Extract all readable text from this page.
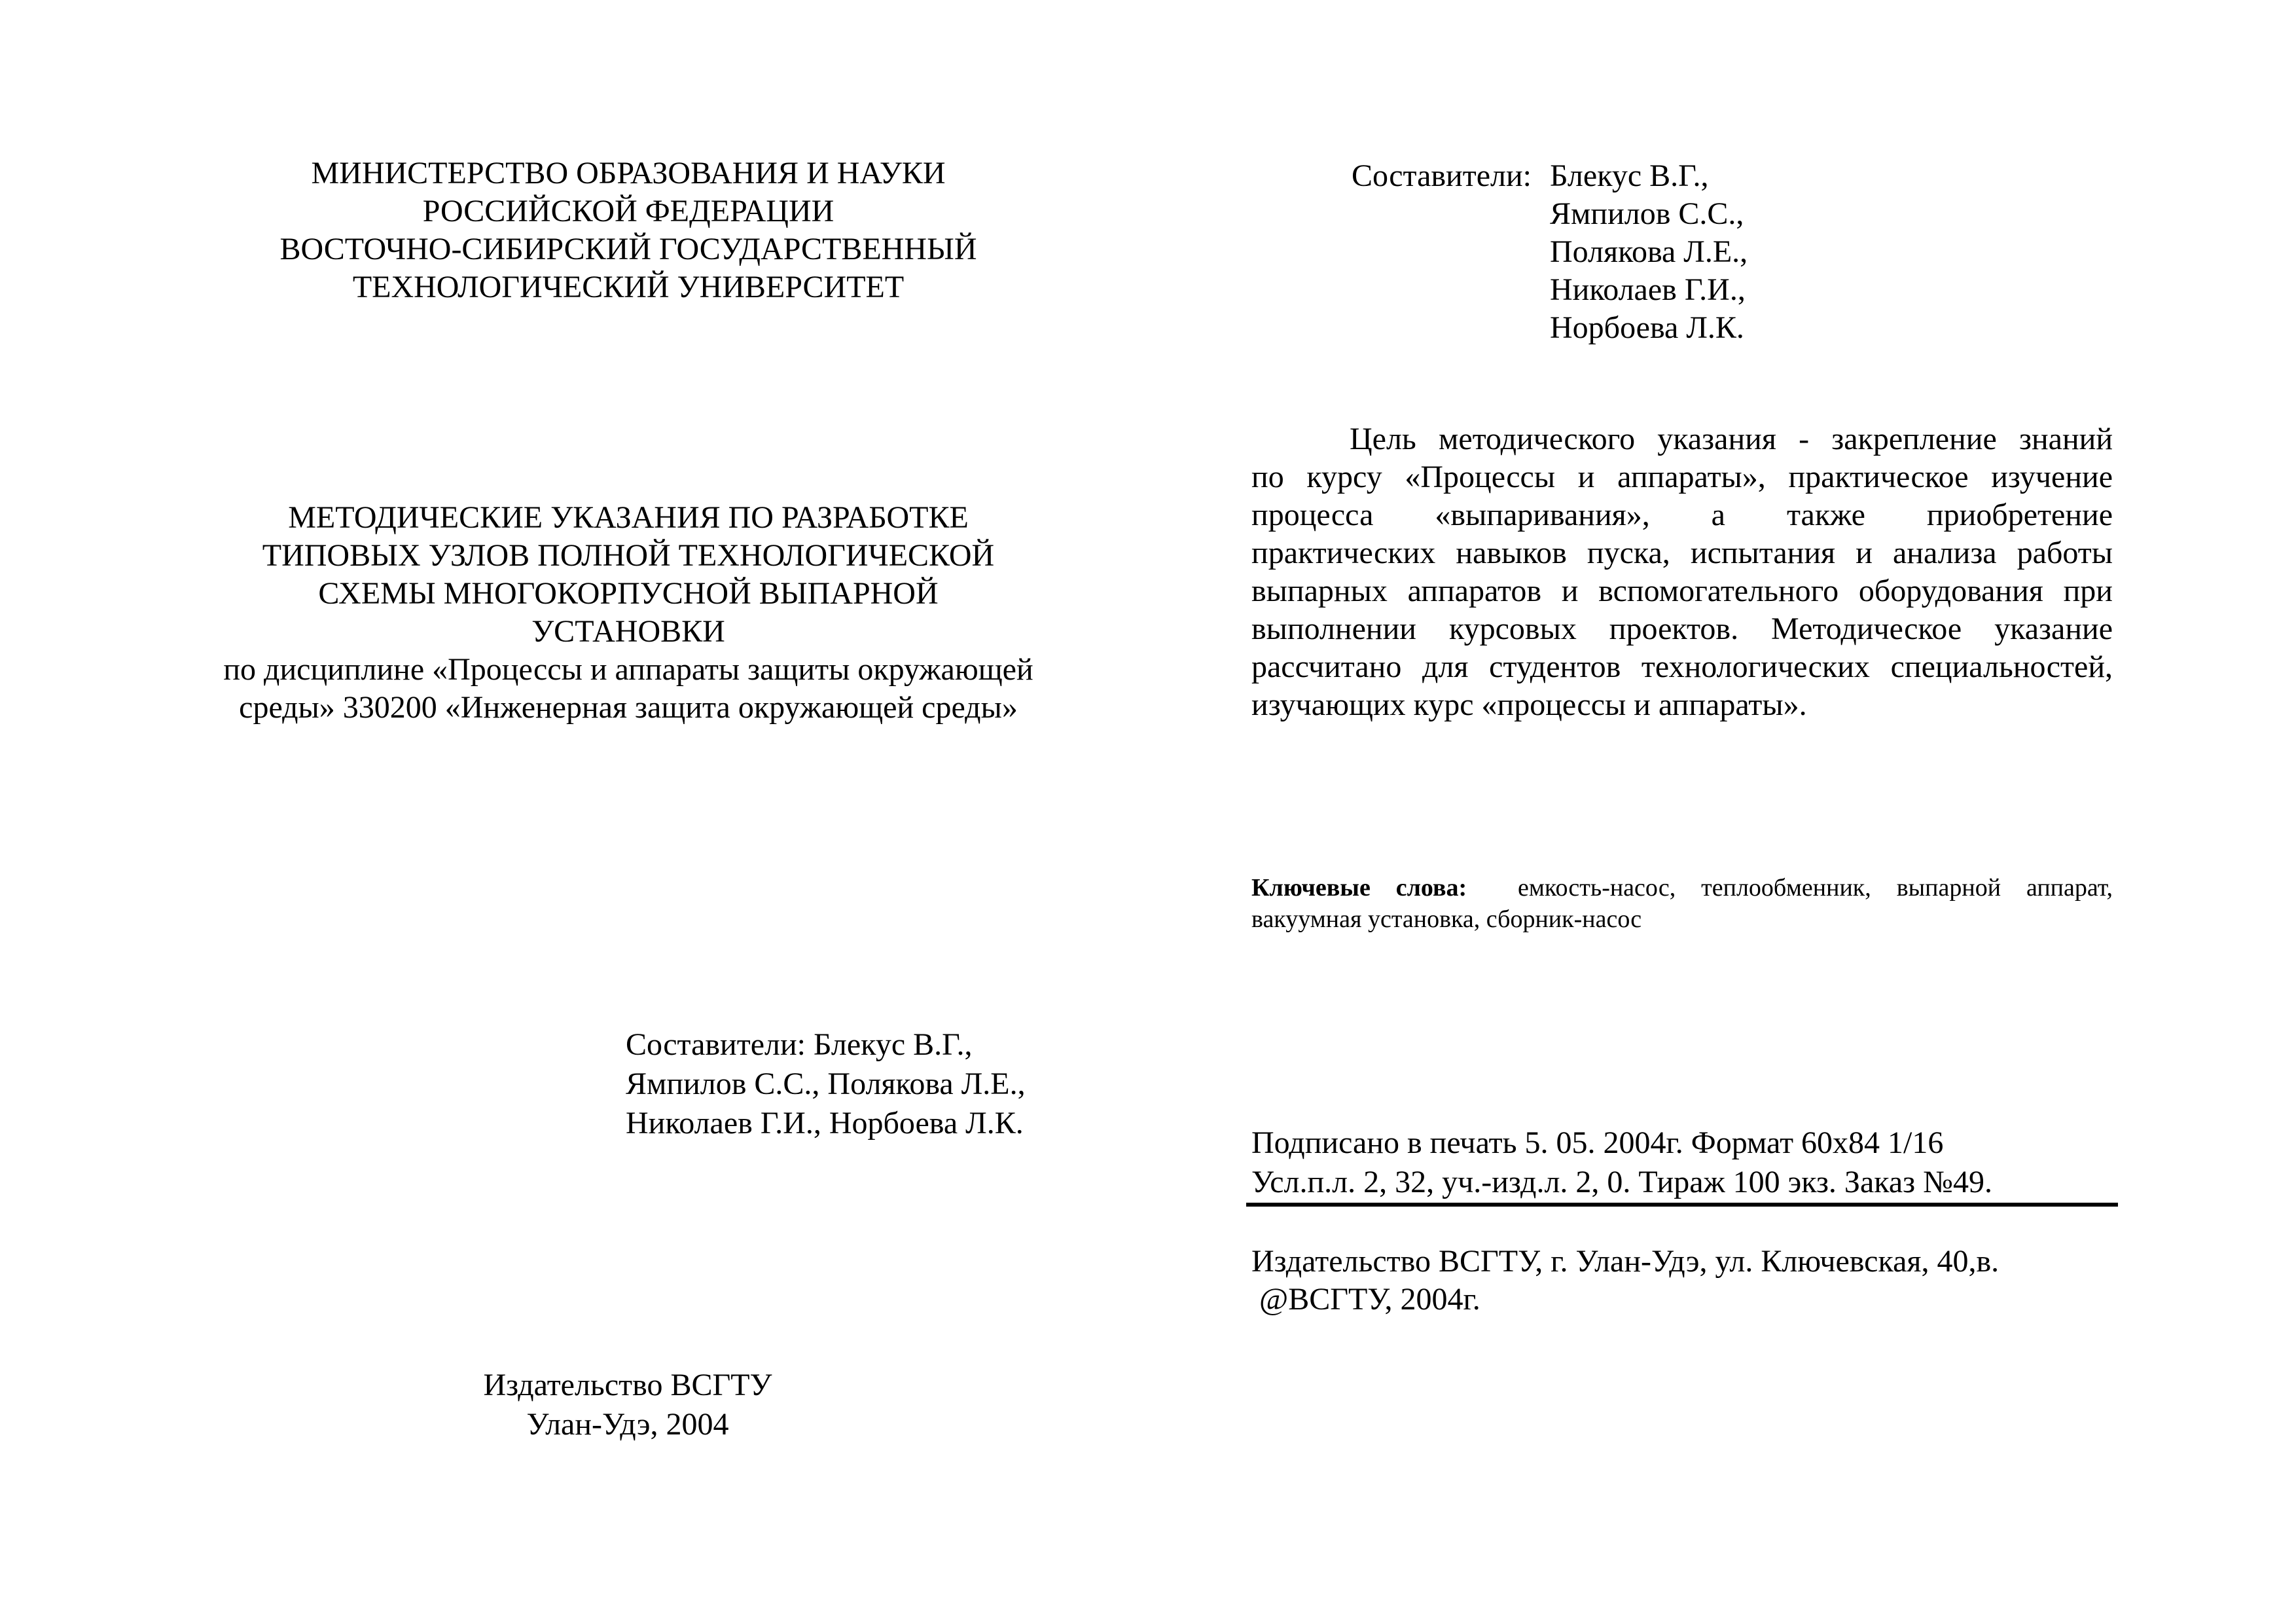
МИНИСТЕРСТВО ОБРАЗОВАНИЯ И НАУКИ
РОССИЙСКОЙ ФЕДЕРАЦИИ
ВОСТОЧНО-СИБИРСКИЙ ГОСУДАРСТВЕННЫЙ
ТЕХНОЛОГИЧЕСКИЙ УНИВЕРСИТЕТ
МЕТОДИЧЕСКИЕ УКАЗАНИЯ ПО РАЗРАБОТКЕ
ТИПОВЫХ УЗЛОВ ПОЛНОЙ ТЕХНОЛОГИЧЕСКОЙ
СХЕМЫ МНОГОКОРПУСНОЙ ВЫПАРНОЙ
УСТАНОВКИ
по дисциплине «Процессы и аппараты защиты окружающей
среды» 330200 «Инженерная защита окружающей среды»
Составители: Блекус В.Г.,
Ямпилов С.С., Полякова Л.Е.,
Николаев Г.И., Норбоева Л.К.
Издательство ВСГТУ
Улан-Удэ, 2004
Составители: Блекус В.Г.,
Ямпилов С.С.,
Полякова Л.Е.,
Николаев Г.И.,
Норбоева Л.К.
Цель методического указания - закрепление знаний
по курсу «Процессы и аппараты», практическое изучение
процесса «выпаривания», а также приобретение
практических навыков пуска, испытания и анализа работы
выпарных аппаратов и вспомогательного оборудования при
выполнении курсовых проектов. Методическое указание
рассчитано для студентов технологических специальностей,
изучающих курс «процессы и аппараты».
Ключевые слова: емкость-насос, теплообменник, выпарной аппарат,
вакуумная установка, сборник-насос
Подписано в печать 5. 05. 2004г. Формат 60х84 1/16
Усл.п.л. 2, 32, уч.-изд.л. 2, 0. Тираж 100 экз. Заказ №49.
Издательство ВСГТУ, г. Улан-Удэ, ул. Ключевская, 40,в.
@ВСГТУ, 2004г.
